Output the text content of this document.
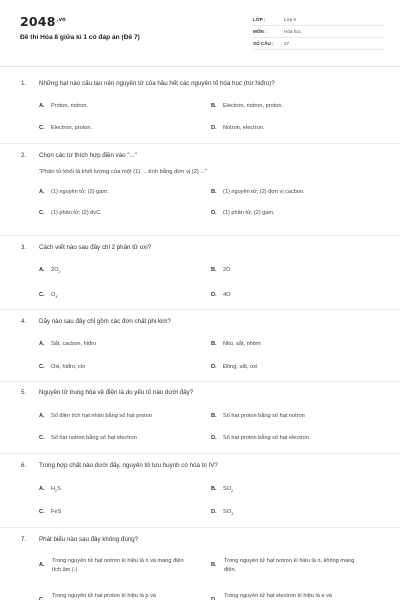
$2048^{.vn}$
Đề thi Hóa 8 giữa kì 1 có đáp án (Đề 7)
LỚP :	Lớp 8
MÔN :	Hóa học
SỐ CÂU : 27
1. Những hạt nào cấu tạo nên nguyên tử của hầu hết các nguyên tố hóa học (trừ hiđro)?
A. Proton, notron.	B. Electron, notron, proton.
C. Electron, proton.	D. Notron, electron.
2. Chọn các từ thích hợp điền vào "..."
"Phân tử khối là khối lượng của một (1) ... tính bằng đơn vị (2) ..."
A. (1) nguyên tử; (2) gam.	B. (1) nguyên tử; (2) đơn vị cacbon.
C. (1) phân tử; (2) đvC.	D. (1) phân tử; (2) gam.
3. Cách viết nào sau đây chỉ 2 phân tử oxi?
A. $2O_2$	B. 2O
C. $O_4$	D. 4O
4. Dãy nào sau đây chỉ gồm các đơn chất phi kim?
A. Sắt, cacbon, hiđro	B. Nito, sắt, nhôm
C. Oxi, hiđro, clo	D. Đồng, sắt, oxi
5. Nguyên tử trung hòa về điện là do yếu tố nào dưới đây?
A. Số điện tích hạt nhân bằng số hạt proton	B. Số hạt proton bằng số hạt notron
C. Số hạt notron bằng số hạt electron	D. Số hạt proton bằng số hạt electron
6. Trong hợp chất nào dưới đây, nguyên tử lưu huỳnh có hóa trị IV?
A. $H_2S$	B. $SO_2$
C. FeS	D. $SO_3$
7. Phát biểu nào sau đây không đúng?
A.
Trong nguyên tử hạt notron kí hiệu là n và mang điện tích âm (-)
B.
Trong nguyên tử hạt notron kí hiệu là n, không mang điện.
C.
Trong nguyên tử hạt proton kí hiệu là p và
D.
Trong nguyên tử hạt electron kí hiệu là e và
